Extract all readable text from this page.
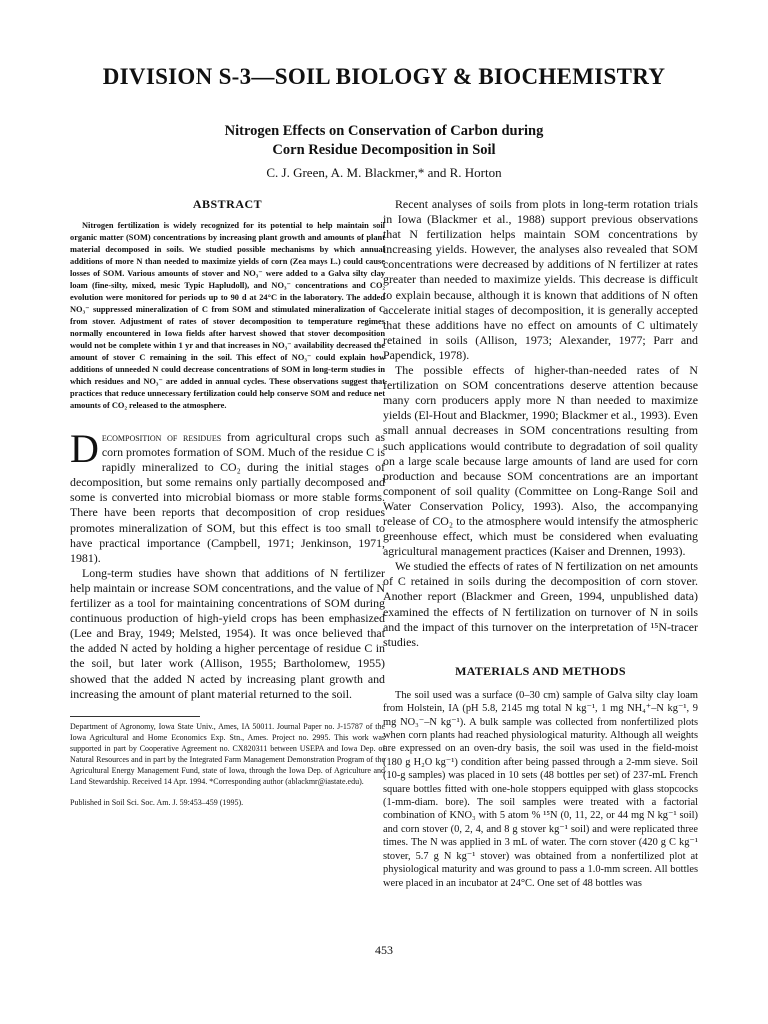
DIVISION S-3—SOIL BIOLOGY & BIOCHEMISTRY
Nitrogen Effects on Conservation of Carbon during
Corn Residue Decomposition in Soil
C. J. Green, A. M. Blackmer,* and R. Horton
ABSTRACT

Nitrogen fertilization is widely recognized for its potential to help maintain soil organic matter (SOM) concentrations by increasing plant growth and amounts of plant material decomposed in soils. We studied possible mechanisms by which annual additions of more N than needed to maximize yields of corn (Zea mays L.) could cause losses of SOM. Various amounts of stover and NO₃⁻ were added to a Galva silty clay loam (fine-silty, mixed, mesic Typic Hapludoll), and NO₃⁻ concentrations and CO₂ evolution were monitored for periods up to 90 d at 24°C in the laboratory. The added NO₃⁻ suppressed mineralization of C from SOM and stimulated mineralization of C from stover. Adjustment of rates of stover decomposition to temperature regimes normally encountered in Iowa fields after harvest showed that stover decomposition would not be complete within 1 yr and that increases in NO₃⁻ availability decreased the amount of stover C remaining in the soil. This effect of NO₃⁻ could explain how additions of unneeded N could decrease concentrations of SOM in long-term studies in which residues and NO₃⁻ are added in annual cycles. These observations suggest that practices that reduce unnecessary fertilization could help conserve SOM and reduce net amounts of CO₂ released to the atmosphere.

Decomposition of residues from agricultural crops such as corn promotes formation of SOM. Much of the residue C is rapidly mineralized to CO₂ during the initial stages of decomposition, but some remains only partially decomposed and some is converted into microbial biomass or more stable forms. There have been reports that decomposition of crop residues promotes mineralization of SOM, but this effect is too small to have practical importance (Campbell, 1971; Jenkinson, 1971, 1981).

Long-term studies have shown that additions of N fertilizer help maintain or increase SOM concentrations, and the value of N fertilizer as a tool for maintaining concentrations of SOM during continuous production of high-yield crops has been emphasized (Lee and Bray, 1949; Melsted, 1954). It was once believed that the added N acted by holding a higher percentage of residue C in the soil, but later work (Allison, 1955; Bartholomew, 1955) showed that the added N acted by increasing plant growth and increasing the amount of plant material returned to the soil.

Department of Agronomy, Iowa State Univ., Ames, IA 50011. Journal Paper no. J-15787 of the Iowa Agricultural and Home Economics Exp. Stn., Ames. Project no. 2995. This work was supported in part by Cooperative Agreement no. CX820311 between USEPA and Iowa Dep. of Natural Resources and in part by the Integrated Farm Management Demonstration Program of the Agricultural Energy Management Fund, state of Iowa, through the Iowa Dep. of Agriculture and Land Stewardship. Received 14 Apr. 1994. *Corresponding author (ablackmr@iastate.edu).

Published in Soil Sci. Soc. Am. J. 59:453–459 (1995).

Recent analyses of soils from plots in long-term rotation trials in Iowa (Blackmer et al., 1988) support previous observations that N fertilization helps maintain SOM concentrations by increasing yields. However, the analyses also revealed that SOM concentrations were decreased by additions of N fertilizer at rates greater than needed to maximize yields. This decrease is difficult to explain because, although it is known that additions of N often accelerate initial stages of decomposition, it is generally accepted that these additions have no effect on amounts of C ultimately retained in soils (Allison, 1973; Alexander, 1977; Parr and Papendick, 1978).

The possible effects of higher-than-needed rates of N fertilization on SOM concentrations deserve attention because many corn producers apply more N than needed to maximize yields (El-Hout and Blackmer, 1990; Blackmer et al., 1993). Even small annual decreases in SOM concentrations resulting from such applications would contribute to degradation of soil quality on a large scale because large amounts of land are used for corn production and because SOM concentrations are an important component of soil quality (Committee on Long-Range Soil and Water Conservation Policy, 1993). Also, the accompanying release of CO₂ to the atmosphere would intensify the atmospheric greenhouse effect, which must be considered when evaluating agricultural management practices (Kaiser and Drennen, 1993).

We studied the effects of rates of N fertilization on net amounts of C retained in soils during the decomposition of corn stover. Another report (Blackmer and Green, 1994, unpublished data) examined the effects of N fertilization on turnover of N in soils and the impact of this turnover on the interpretation of ¹⁵N-tracer studies.

MATERIALS AND METHODS

The soil used was a surface (0–30 cm) sample of Galva silty clay loam from Holstein, IA (pH 5.8, 2145 mg total N kg⁻¹, 1 mg NH₄⁺–N kg⁻¹, 9 mg NO₃⁻–N kg⁻¹). A bulk sample was collected from nonfertilized plots when corn plants had reached physiological maturity. Although all weights are expressed on an oven-dry basis, the soil was used in the field-moist (180 g H₂O kg⁻¹) condition after being passed through a 2-mm sieve. Soil (10-g samples) was placed in 10 sets (48 bottles per set) of 237-mL French square bottles fitted with one-hole stoppers equipped with glass stopcocks (1-mm-diam. bore). The soil samples were treated with a factorial combination of KNO₃ with 5 atom % ¹⁵N (0, 11, 22, or 44 mg N kg⁻¹ soil) and corn stover (0, 2, 4, and 8 g stover kg⁻¹ soil) and were replicated three times. The N was applied in 3 mL of water. The corn stover (420 g C kg⁻¹ stover, 5.7 g N kg⁻¹ stover) was obtained from a nonfertilized plot at physiological maturity and was ground to pass a 1.0-mm screen. All bottles were placed in an incubator at 24°C. One set of 48 bottles was

453
